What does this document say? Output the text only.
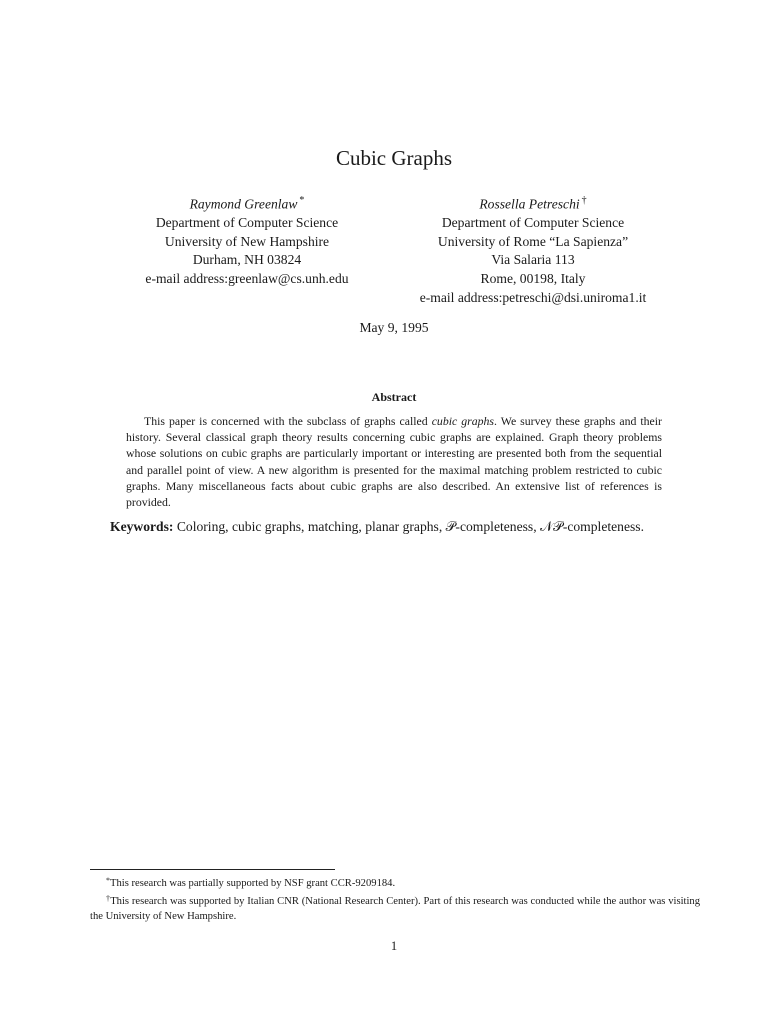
Cubic Graphs
Raymond Greenlaw *
Department of Computer Science
University of New Hampshire
Durham, NH 03824
e-mail address:greenlaw@cs.unh.edu
Rossella Petreschi †
Department of Computer Science
University of Rome “La Sapienza”
Via Salaria 113
Rome, 00198, Italy
e-mail address:petreschi@dsi.uniroma1.it
May 9, 1995
Abstract
This paper is concerned with the subclass of graphs called cubic graphs. We survey these graphs and their history. Several classical graph theory results concerning cubic graphs are explained. Graph theory problems whose solutions on cubic graphs are particularly important or interesting are presented both from the sequential and parallel point of view. A new algorithm is presented for the maximal matching problem restricted to cubic graphs. Many miscellaneous facts about cubic graphs are also described. An extensive list of references is provided.
Keywords: Coloring, cubic graphs, matching, planar graphs, 𝒫-completeness, 𝒩𝒫-completeness.

*This research was partially supported by NSF grant CCR-9209184.

†This research was supported by Italian CNR (National Research Center). Part of this research was conducted while the author was visiting the University of New Hampshire.

1
